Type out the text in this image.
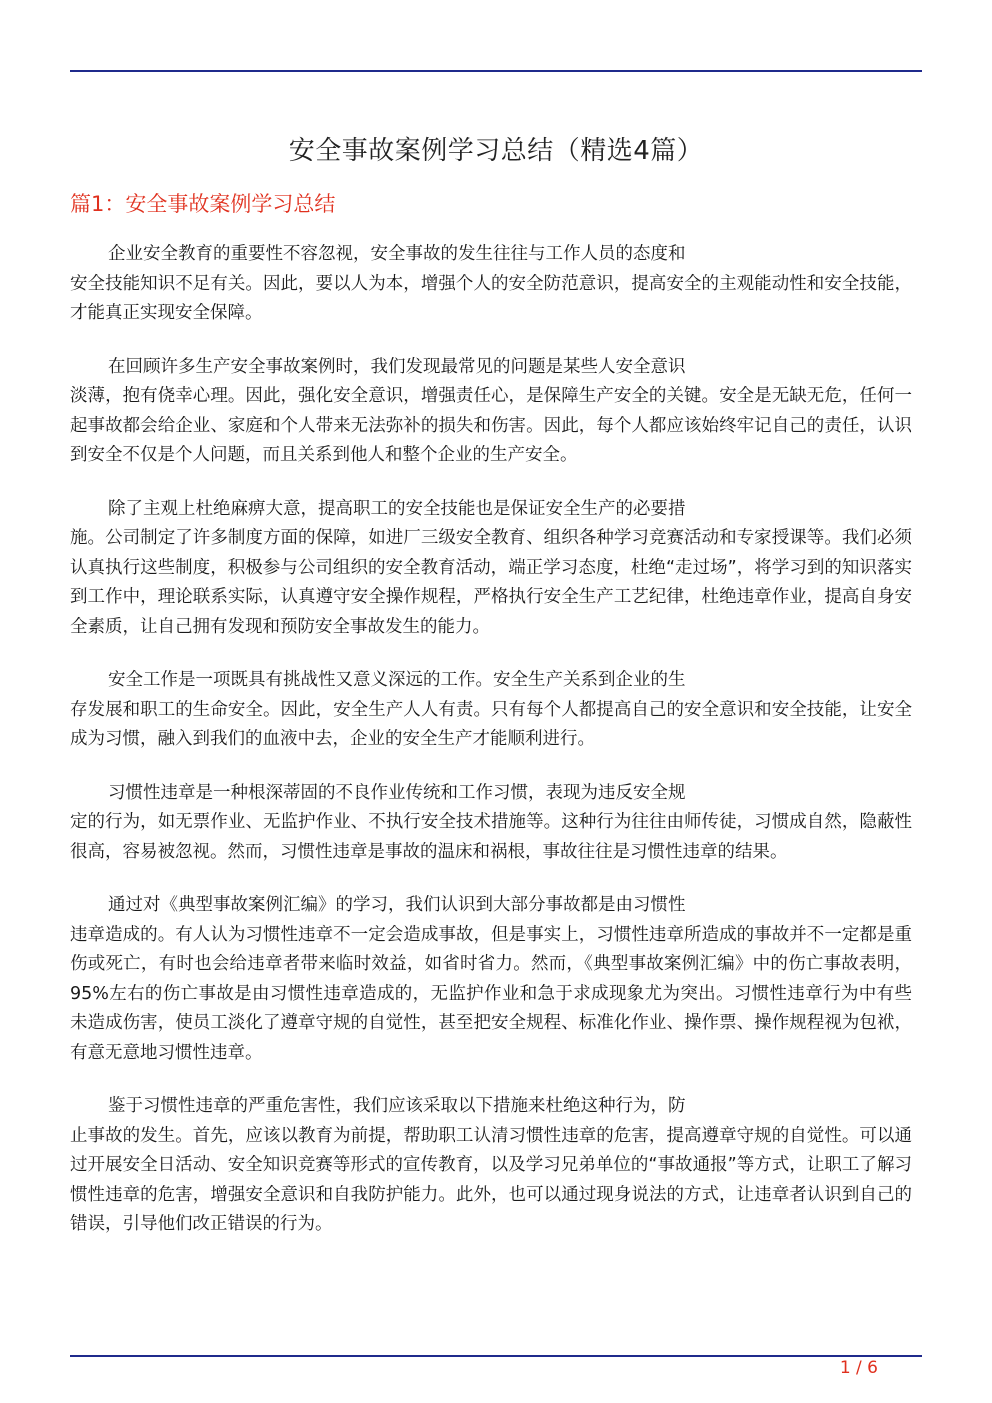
安全事故案例学习总结（精选4篇）
篇1：安全事故案例学习总结
企业安全教育的重要性不容忽视，安全事故的发生往往与工作人员的态度和
安全技能知识不足有关。因此，要以人为本，增强个人的安全防范意识，提高安全的主观能动性和安全技能，才能真正实现安全保障。
在回顾许多生产安全事故案例时，我们发现最常见的问题是某些人安全意识
淡薄，抱有侥幸心理。因此，强化安全意识，增强责任心，是保障生产安全的关键。安全是无缺无危，任何一起事故都会给企业、家庭和个人带来无法弥补的损失和伤害。因此，每个人都应该始终牢记自己的责任，认识到安全不仅是个人问题，而且关系到他人和整个企业的生产安全。
除了主观上杜绝麻痹大意，提高职工的安全技能也是保证安全生产的必要措
施。公司制定了许多制度方面的保障，如进厂三级安全教育、组织各种学习竞赛活动和专家授课等。我们必须认真执行这些制度，积极参与公司组织的安全教育活动，端正学习态度，杜绝“走过场”，将学习到的知识落实到工作中，理论联系实际，认真遵守安全操作规程，严格执行安全生产工艺纪律，杜绝违章作业，提高自身安全素质，让自己拥有发现和预防安全事故发生的能力。
安全工作是一项既具有挑战性又意义深远的工作。安全生产关系到企业的生
存发展和职工的生命安全。因此，安全生产人人有责。只有每个人都提高自己的安全意识和安全技能，让安全成为习惯，融入到我们的血液中去，企业的安全生产才能顺利进行。
习惯性违章是一种根深蒂固的不良作业传统和工作习惯，表现为违反安全规
定的行为，如无票作业、无监护作业、不执行安全技术措施等。这种行为往往由师传徒，习惯成自然，隐蔽性很高，容易被忽视。然而，习惯性违章是事故的温床和祸根，事故往往是习惯性违章的结果。
通过对《典型事故案例汇编》的学习，我们认识到大部分事故都是由习惯性
违章造成的。有人认为习惯性违章不一定会造成事故，但是事实上，习惯性违章所造成的事故并不一定都是重伤或死亡，有时也会给违章者带来临时效益，如省时省力。然而，《典型事故案例汇编》中的伤亡事故表明，95%左右的伤亡事故是由习惯性违章造成的，无监护作业和急于求成现象尤为突出。习惯性违章行为中有些未造成伤害，使员工淡化了遵章守规的自觉性，甚至把安全规程、标准化作业、操作票、操作规程视为包袱，有意无意地习惯性违章。
鉴于习惯性违章的严重危害性，我们应该采取以下措施来杜绝这种行为，防
止事故的发生。首先，应该以教育为前提，帮助职工认清习惯性违章的危害，提高遵章守规的自觉性。可以通过开展安全日活动、安全知识竞赛等形式的宣传教育，以及学习兄弟单位的“事故通报”等方式，让职工了解习惯性违章的危害，增强安全意识和自我防护能力。此外，也可以通过现身说法的方式，让违章者认识到自己的错误，引导他们改正错误的行为。
1 / 6
